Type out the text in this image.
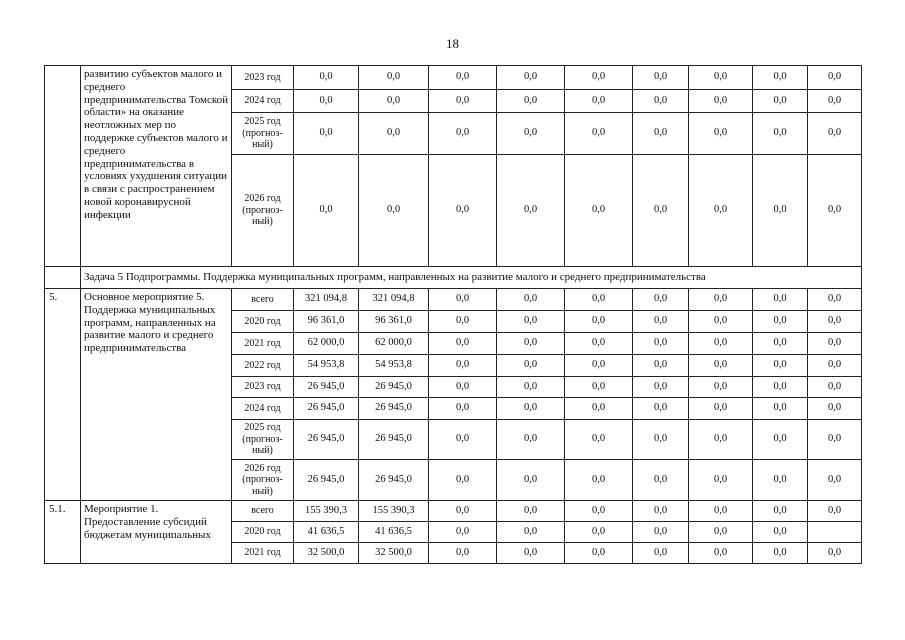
18
	развитию субъектов малого и среднего предпринимательства Томской области» на оказание неотложных мер по поддержке субъектов малого и среднего предпринимательства в условиях ухудшения ситуации в связи с распространением новой коронавирусной инфекции	2023 год	0,0	0,0	0,0	0,0	0,0	0,0	0,0	0,0	0,0
		2024 год	0,0	0,0	0,0	0,0	0,0	0,0	0,0	0,0	0,0
		2025 год
(прогноз-
ный)	0,0	0,0	0,0	0,0	0,0	0,0	0,0	0,0	0,0
		2026 год
(прогноз-
ный)	0,0	0,0	0,0	0,0	0,0	0,0	0,0	0,0	0,0
	Задача 5 Подпрограммы. Поддержка муниципальных программ, направленных на развитие малого и среднего предпринимательства										
5.	Основное мероприятие 5. Поддержка муниципальных программ, направленных на развитие малого и среднего предпринимательства	всего	321 094,8	321 094,8	0,0	0,0	0,0	0,0	0,0	0,0	0,0
		2020 год	96 361,0	96 361,0	0,0	0,0	0,0	0,0	0,0	0,0	0,0
		2021 год	62 000,0	62 000,0	0,0	0,0	0,0	0,0	0,0	0,0	0,0
		2022 год	54 953,8	54 953,8	0,0	0,0	0,0	0,0	0,0	0,0	0,0
		2023 год	26 945,0	26 945,0	0,0	0,0	0,0	0,0	0,0	0,0	0,0
		2024 год	26 945,0	26 945,0	0,0	0,0	0,0	0,0	0,0	0,0	0,0
		2025 год
(прогноз-
ный)	26 945,0	26 945,0	0,0	0,0	0,0	0,0	0,0	0,0	0,0
		2026 год
(прогноз-
ный)	26 945,0	26 945,0	0,0	0,0	0,0	0,0	0,0	0,0	0,0
5.1.	Мероприятие 1. Предоставление субсидий бюджетам муниципальных	всего	155 390,3	155 390,3	0,0	0,0	0,0	0,0	0,0	0,0	0,0
		2020 год	41 636,5	41 636,5	0,0	0,0	0,0	0,0	0,0	0,0	
		2021 год	32 500,0	32 500,0	0,0	0,0	0,0	0,0	0,0	0,0	0,0
